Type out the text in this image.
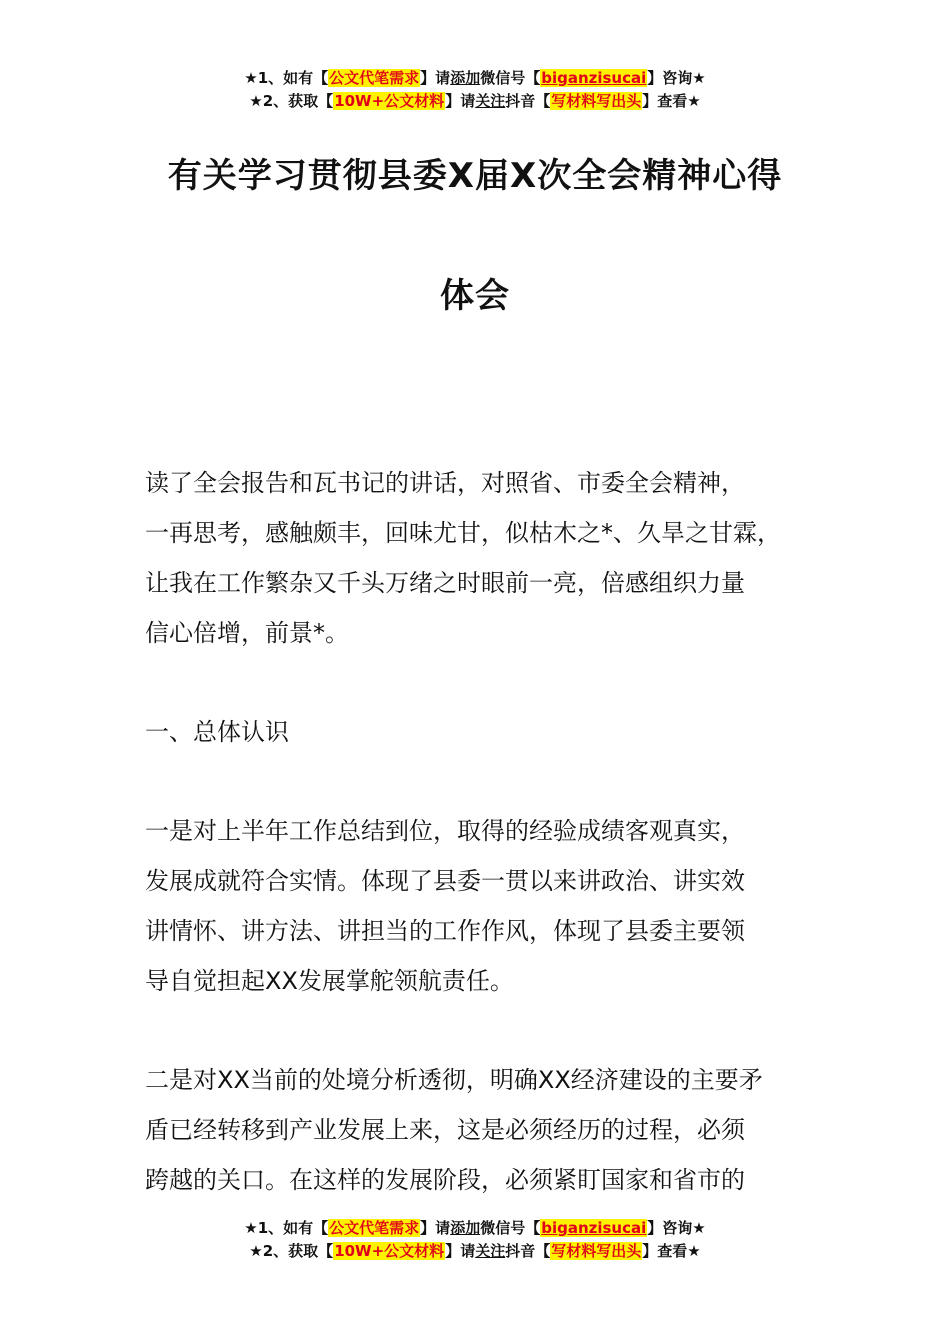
★1、如有【公文代笔需求】请添加微信号【biganzisucai】咨询★
★2、获取【10W+公文材料】请关注抖音【写材料写出头】查看★
有关学习贯彻县委Ⅹ届Ⅹ次全会精神心得
体会
读了全会报告和瓦书记的讲话，对照省、市委全会精神，
一再思考，感触颇丰，回味尤甘，似枯木之*、久旱之甘霖，
让我在工作繁杂又千头万绪之时眼前一亮，倍感组织力量
信心倍增，前景*。
一、总体认识
一是对上半年工作总结到位，取得的经验成绩客观真实，
发展成就符合实情。体现了县委一贯以来讲政治、讲实效
讲情怀、讲方法、讲担当的工作作风，体现了县委主要领
导自觉担起XX发展掌舵领航责任。
二是对XX当前的处境分析透彻，明确XX经济建设的主要矛
盾已经转移到产业发展上来，这是必须经历的过程，必须
跨越的关口。在这样的发展阶段，必须紧盯国家和省市的
★1、如有【公文代笔需求】请添加微信号【biganzisucai】咨询★
★2、获取【10W+公文材料】请关注抖音【写材料写出头】查看★
